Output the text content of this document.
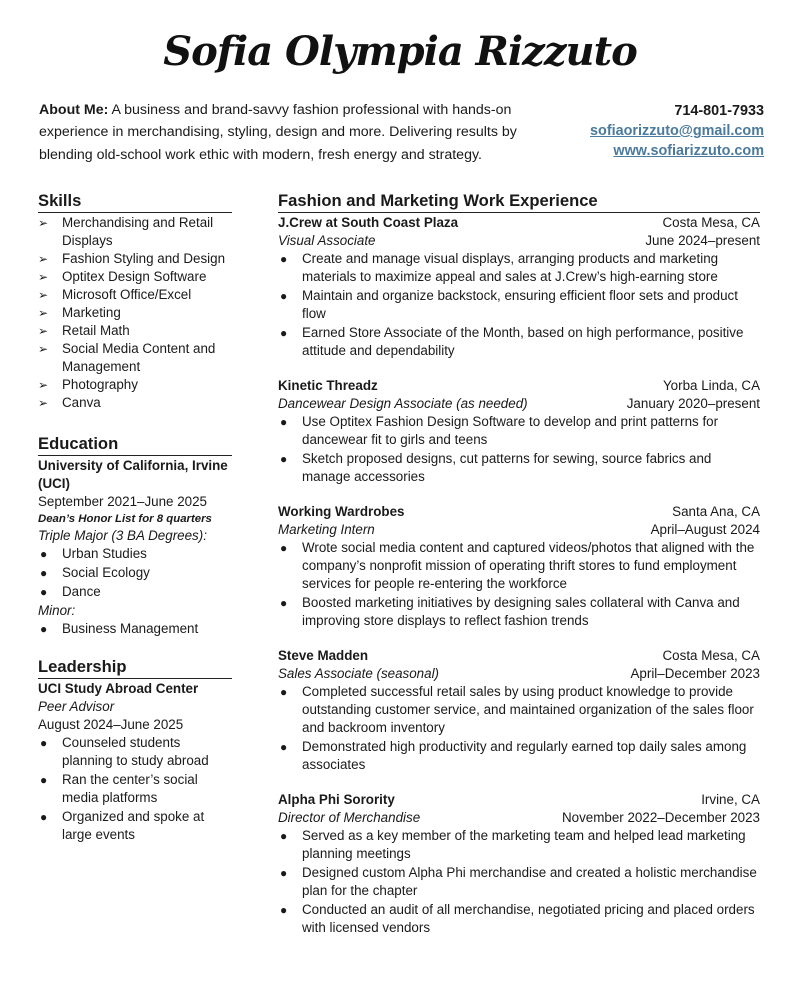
Sofia Olympia Rizzuto
About Me: A business and brand-savvy fashion professional with hands-on experience in merchandising, styling, design and more. Delivering results by blending old-school work ethic with modern, fresh energy and strategy.
714-801-7933
sofiaorizzuto@gmail.com
www.sofiarizzuto.com
Skills
➢ Merchandising and Retail Displays
➢ Fashion Styling and Design
➢ Optitex Design Software
➢ Microsoft Office/Excel
➢ Marketing
➢ Retail Math
➢ Social Media Content and Management
➢ Photography
➢ Canva
Education
University of California, Irvine (UCI)
September 2021–June 2025
Dean’s Honor List for 8 quarters
Triple Major (3 BA Degrees):
● Urban Studies
● Social Ecology
● Dance
Minor:
● Business Management
Leadership
UCI Study Abroad Center
Peer Advisor
August 2024–June 2025
● Counseled students planning to study abroad
● Ran the center’s social media platforms
● Organized and spoke at large events
Fashion and Marketing Work Experience
J.Crew at South Coast Plaza	Costa Mesa, CA
Visual Associate	June 2024–present
● Create and manage visual displays, arranging products and marketing materials to maximize appeal and sales at J.Crew’s high-earning store
● Maintain and organize backstock, ensuring efficient floor sets and product flow
● Earned Store Associate of the Month, based on high performance, positive attitude and dependability
Kinetic Threadz	Yorba Linda, CA
Dancewear Design Associate (as needed)	January 2020–present
● Use Optitex Fashion Design Software to develop and print patterns for dancewear fit to girls and teens
● Sketch proposed designs, cut patterns for sewing, source fabrics and manage accessories
Working Wardrobes	Santa Ana, CA
Marketing Intern	April–August 2024
● Wrote social media content and captured videos/photos that aligned with the company’s nonprofit mission of operating thrift stores to fund employment services for people re-entering the workforce
● Boosted marketing initiatives by designing sales collateral with Canva and improving store displays to reflect fashion trends
Steve Madden	Costa Mesa, CA
Sales Associate (seasonal)	April–December 2023
● Completed successful retail sales by using product knowledge to provide outstanding customer service, and maintained organization of the sales floor and backroom inventory
● Demonstrated high productivity and regularly earned top daily sales among associates
Alpha Phi Sorority	Irvine, CA
Director of Merchandise	November 2022–December 2023
● Served as a key member of the marketing team and helped lead marketing planning meetings
● Designed custom Alpha Phi merchandise and created a holistic merchandise plan for the chapter
● Conducted an audit of all merchandise, negotiated pricing and placed orders with licensed vendors
